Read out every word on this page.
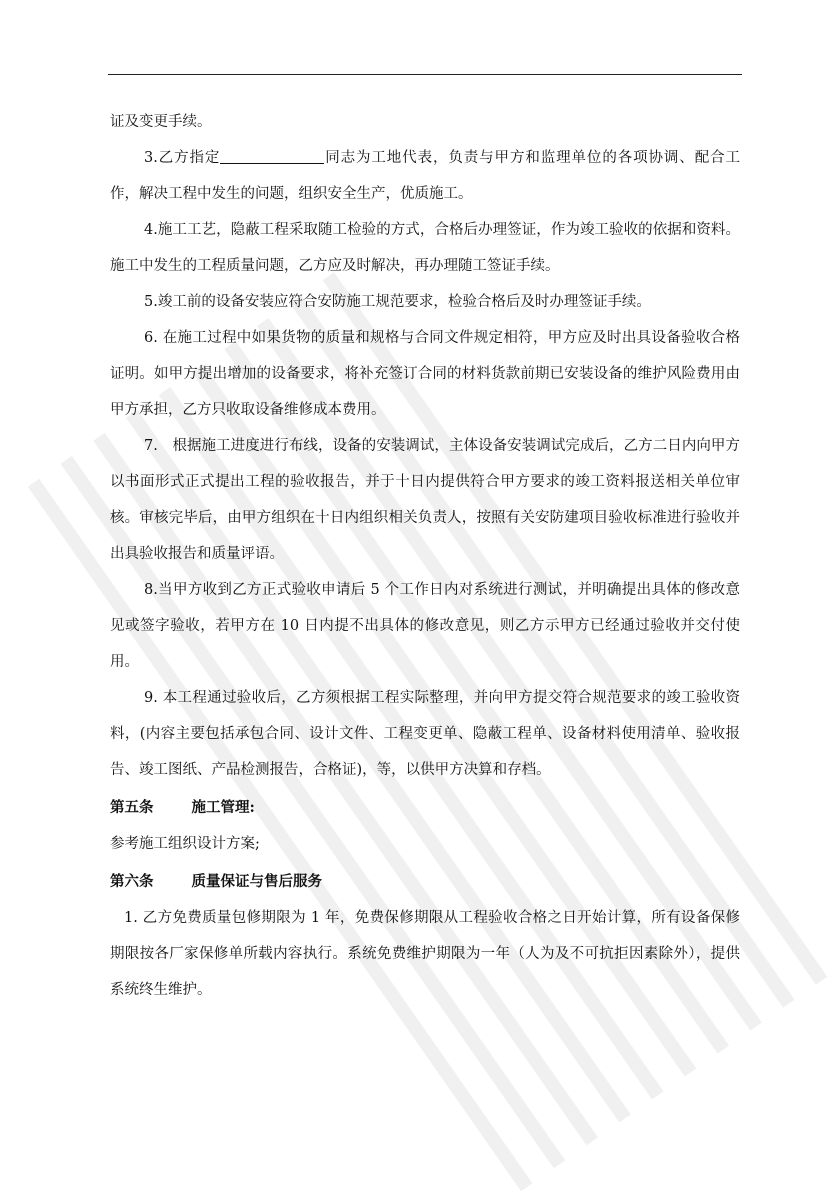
证及变更手续。

3.乙方指定	同志为工地代表，负责与甲方和监理单位的各项协调、配合工作，解决工程中发生的问题，组织安全生产，优质施工。

4.施工工艺，隐蔽工程采取随工检验的方式，合格后办理签证，作为竣工验收的依据和资料。施工中发生的工程质量问题，乙方应及时解决，再办理随工签证手续。

5.竣工前的设备安装应符合安防施工规范要求，检验合格后及时办理签证手续。

6. 在施工过程中如果货物的质量和规格与合同文件规定相符，甲方应及时出具设备验收合格证明。如甲方提出增加的设备要求，将补充签订合同的材料货款前期已安装设备的维护风险费用由甲方承担，乙方只收取设备维修成本费用。

7.　根据施工进度进行布线，设备的安装调试，主体设备安装调试完成后，乙方二日内向甲方以书面形式正式提出工程的验收报告，并于十日内提供符合甲方要求的竣工资料报送相关单位审核。审核完毕后，由甲方组织在十日内组织相关负责人，按照有关安防建项目验收标准进行验收并出具验收报告和质量评语。

8.当甲方收到乙方正式验收申请后 5 个工作日内对系统进行测试，并明确提出具体的修改意见或签字验收，若甲方在 10 日内提不出具体的修改意见，则乙方示甲方已经通过验收并交付使用。

9. 本工程通过验收后，乙方须根据工程实际整理，并向甲方提交符合规范要求的竣工验收资料，(内容主要包括承包合同、设计文件、工程变更单、隐蔽工程单、设备材料使用清单、验收报告、竣工图纸、产品检测报告，合格证)，等，以供甲方决算和存档。

第五条	施工管理:

参考施工组织设计方案;

第六条	质量保证与售后服务

1. 乙方免费质量包修期限为 1 年，免费保修期限从工程验收合格之日开始计算，所有设备保修期限按各厂家保修单所载内容执行。系统免费维护期限为一年（人为及不可抗拒因素除外），提供系统终生维护。
